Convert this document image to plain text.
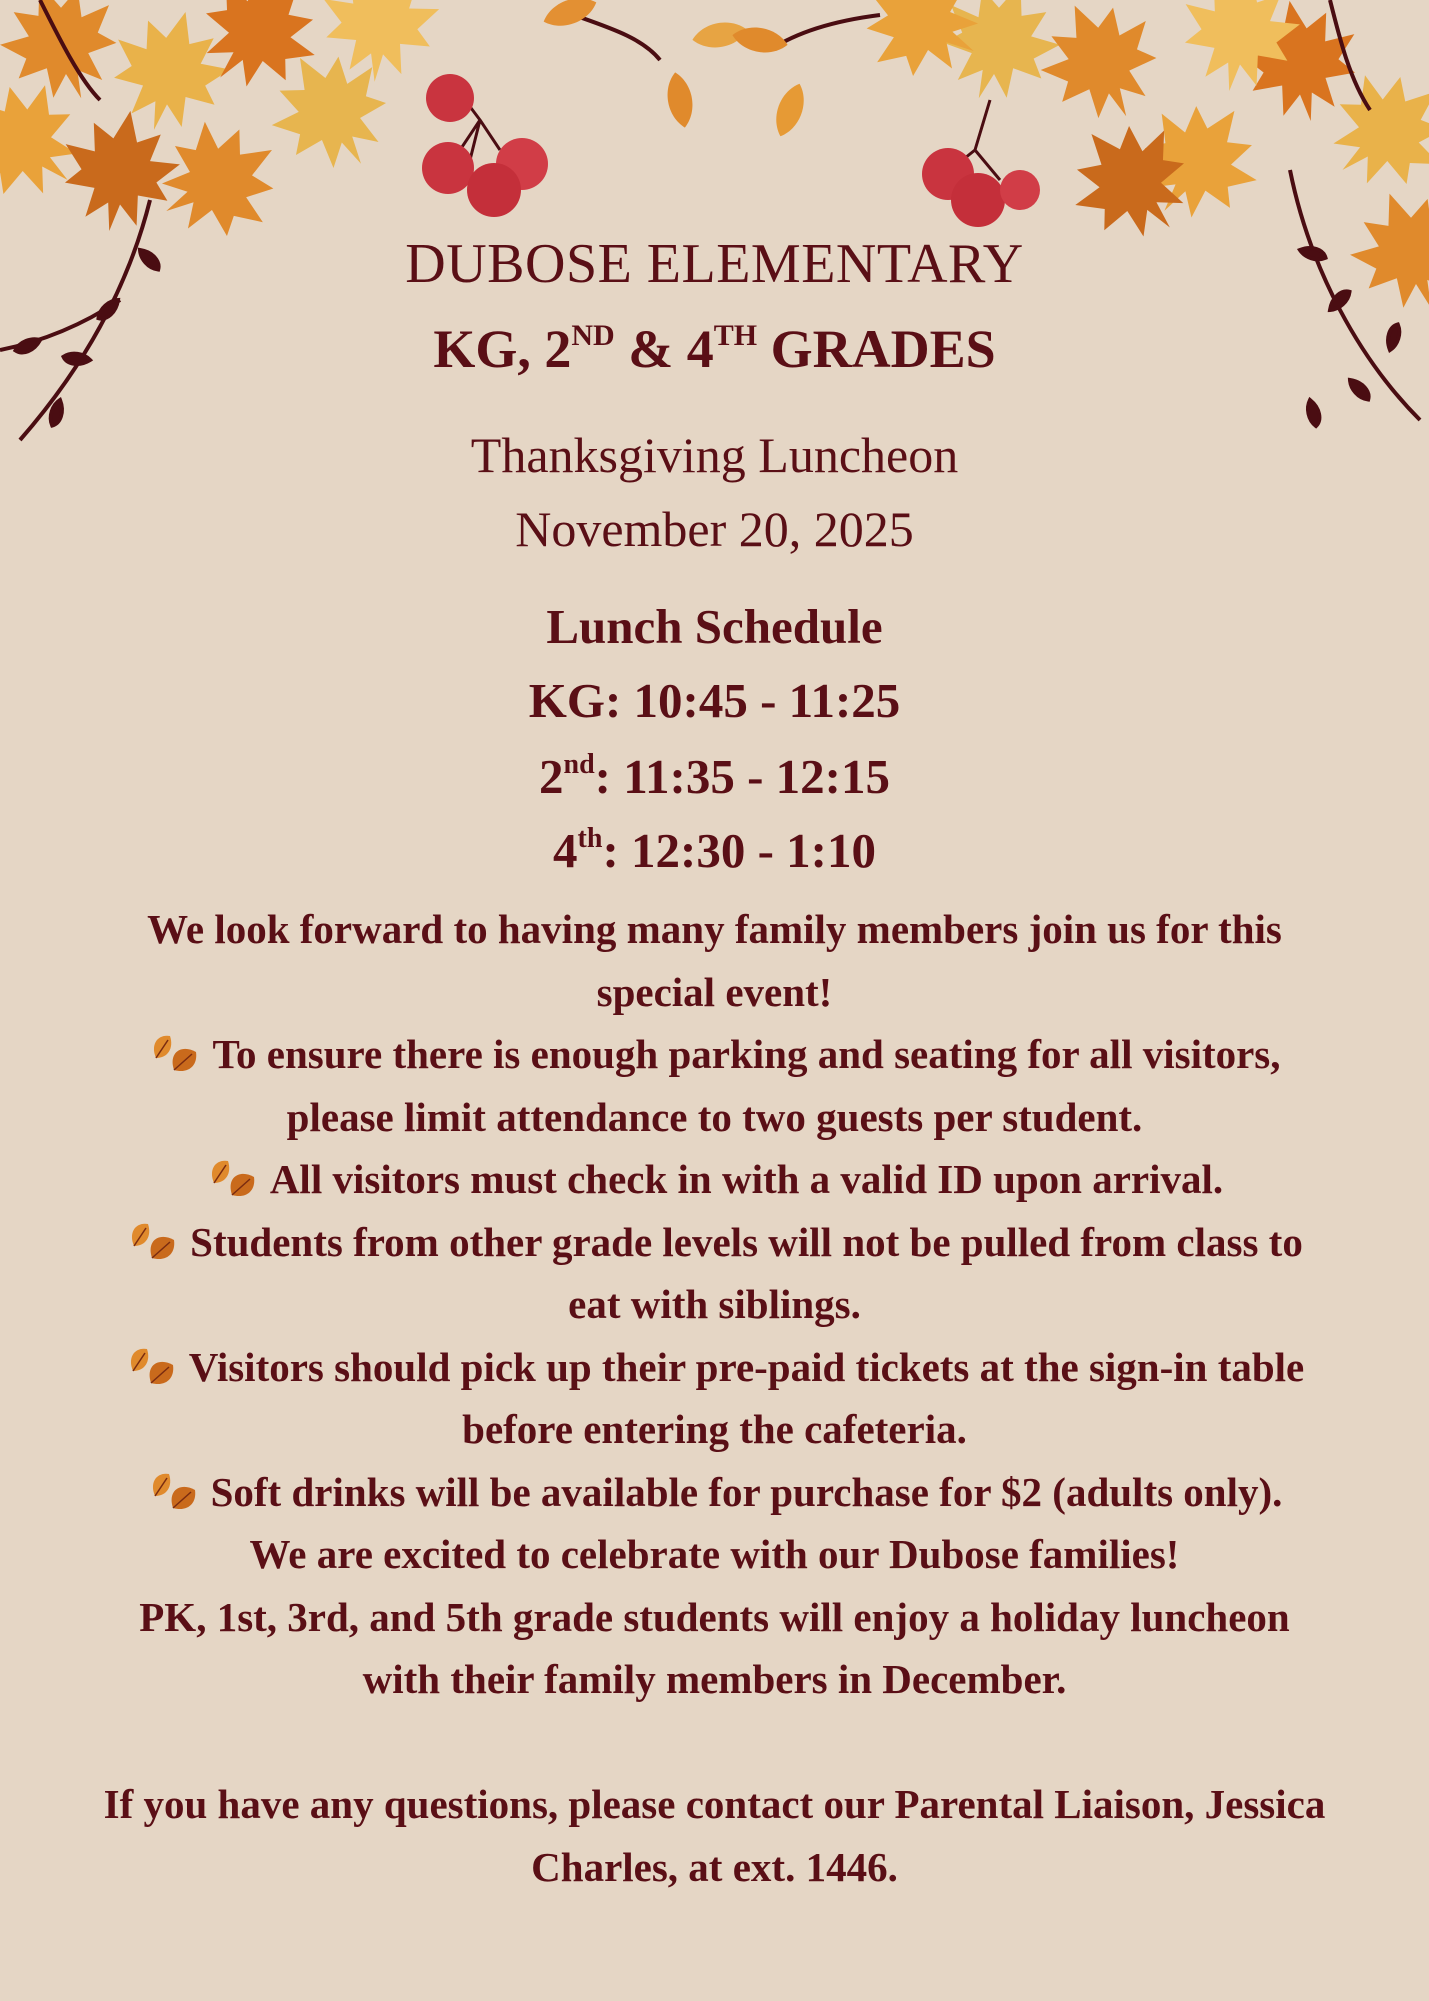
DUBOSE ELEMENTARY
KG, 2ND & 4TH GRADES
Thanksgiving Luncheon
November 20, 2025
Lunch Schedule
KG: 10:45 - 11:25
2nd: 11:35 - 12:15
4th: 12:30 - 1:10

We look forward to having many family members join us for this special event!

To ensure there is enough parking and seating for all visitors, please limit attendance to two guests per student.

All visitors must check in with a valid ID upon arrival.

Students from other grade levels will not be pulled from class to eat with siblings.

Visitors should pick up their pre-paid tickets at the sign-in table before entering the cafeteria.

Soft drinks will be available for purchase for $2 (adults only).

We are excited to celebrate with our Dubose families!

PK, 1st, 3rd, and 5th grade students will enjoy a holiday luncheon with their family members in December.

If you have any questions, please contact our Parental Liaison, Jessica Charles, at ext. 1446.
